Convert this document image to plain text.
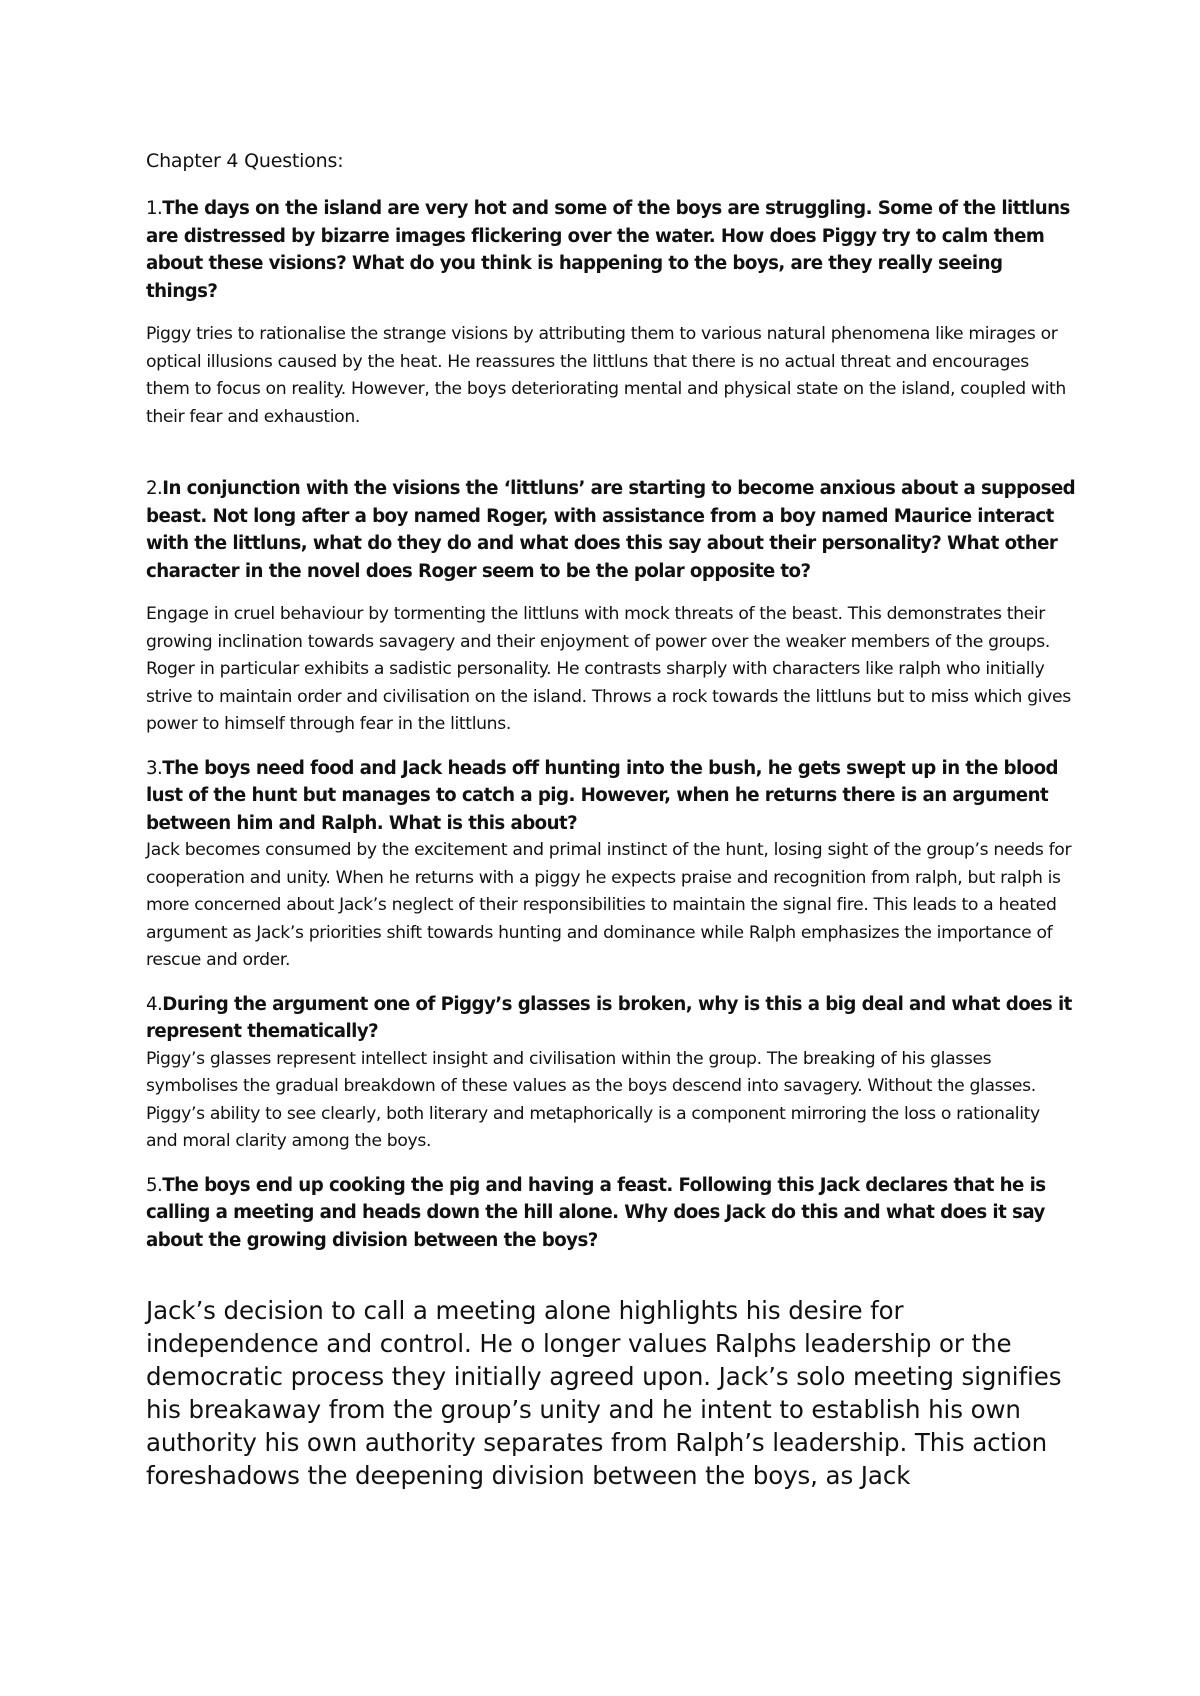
Chapter 4 Questions:

1.The days on the island are very hot and some of the boys are struggling. Some of the littluns are distressed by bizarre images flickering over the water. How does Piggy try to calm them about these visions? What do you think is happening to the boys, are they really seeing things?

Piggy tries to rationalise the strange visions by attributing them to various natural phenomena like mirages or optical illusions caused by the heat. He reassures the littluns that there is no actual threat and encourages them to focus on reality. However, the boys deteriorating mental and physical state on the island, coupled with their fear and exhaustion.

2.In conjunction with the visions the ‘littluns’ are starting to become anxious about a supposed beast. Not long after a boy named Roger, with assistance from a boy named Maurice interact with the littluns, what do they do and what does this say about their personality? What other character in the novel does Roger seem to be the polar opposite to?

Engage in cruel behaviour by tormenting the littluns with mock threats of the beast. This demonstrates their growing inclination towards savagery and their enjoyment of power over the weaker members of the groups. Roger in particular exhibits a sadistic personality. He contrasts sharply with characters like ralph who initially strive to maintain order and civilisation on the island. Throws a rock towards the littluns but to miss which gives power to himself through fear in the littluns.

3.The boys need food and Jack heads off hunting into the bush, he gets swept up in the blood lust of the hunt but manages to catch a pig. However, when he returns there is an argument between him and Ralph. What is this about?

Jack becomes consumed by the excitement and primal instinct of the hunt, losing sight of the group’s needs for cooperation and unity. When he returns with a piggy he expects praise and recognition from ralph, but ralph is more concerned about Jack’s neglect of their responsibilities to maintain the signal fire. This leads to a heated argument as Jack’s priorities shift towards hunting and dominance while Ralph emphasizes the importance of rescue and order.

4.During the argument one of Piggy’s glasses is broken, why is this a big deal and what does it represent thematically?

Piggy’s glasses represent intellect insight and civilisation within the group. The breaking of his glasses symbolises the gradual breakdown of these values as the boys descend into savagery. Without the glasses. Piggy’s ability to see clearly, both literary and metaphorically is a component mirroring the loss o rationality and moral clarity among the boys.

5.The boys end up cooking the pig and having a feast. Following this Jack declares that he is calling a meeting and heads down the hill alone. Why does Jack do this and what does it say about the growing division between the boys?

Jack’s decision to call a meeting alone highlights his desire for independence and control. He o longer values Ralphs leadership or the democratic process they initially agreed upon. Jack’s solo meeting signifies his breakaway from the group’s unity and he intent to establish his own authority his own authority separates from Ralph’s leadership. This action foreshadows the deepening division between the boys, as Jack
